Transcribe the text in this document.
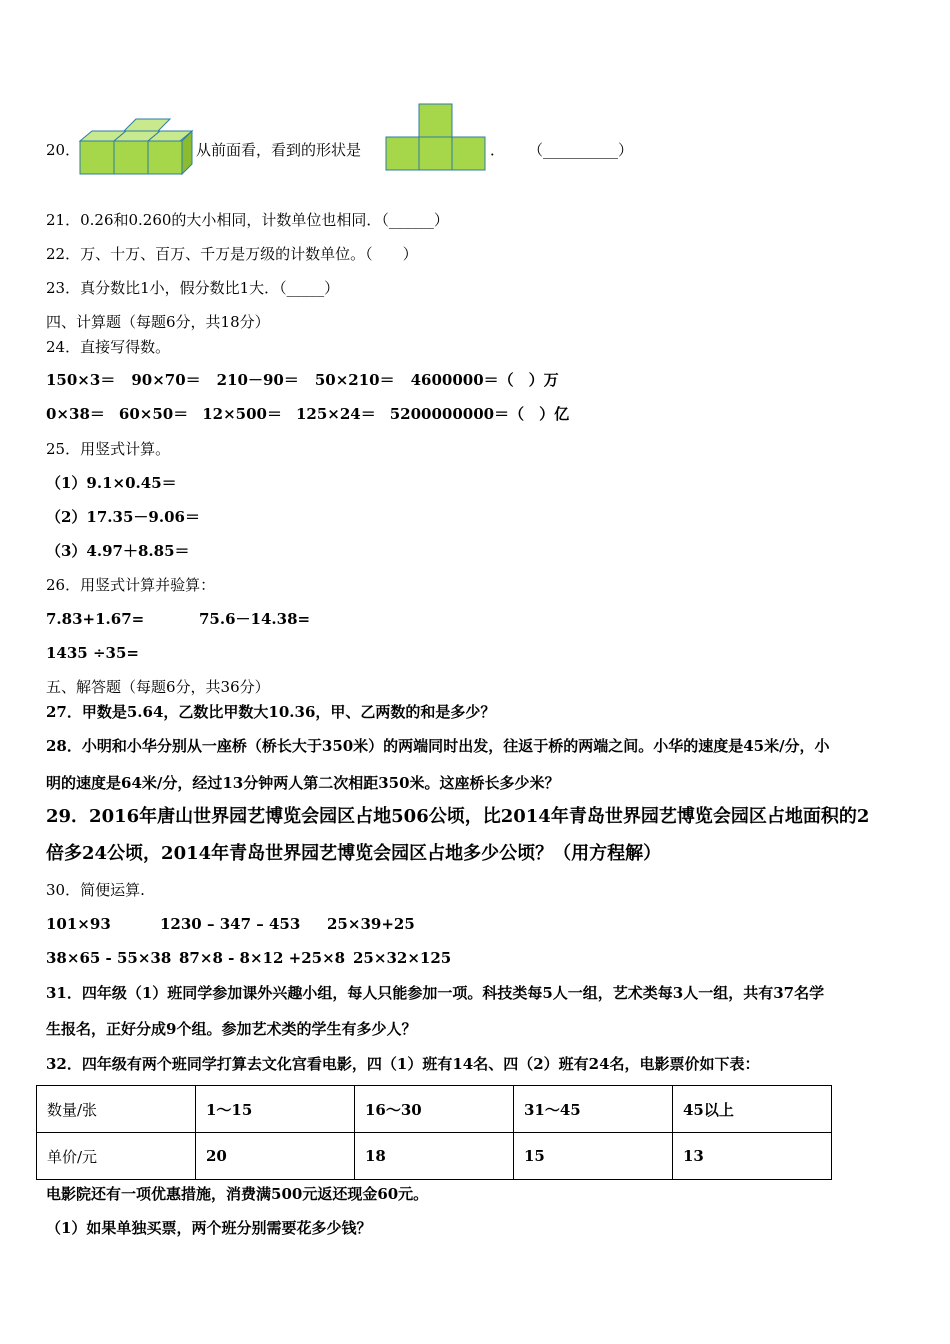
20．	从前面看，看到的形状是	． （__________）
21．0.26和0.260的大小相同，计数单位也相同．（______）
22．万、十万、百万、千万是万级的计数单位。（　　）
23．真分数比1小，假分数比1大．（_____）
四、计算题（每题6分，共18分）
24．直接写得数。
150×3＝ 90×70＝ 210－90＝ 50×210＝ 4600000＝（　）万
0×38＝ 60×50＝ 12×500＝ 125×24＝ 5200000000＝（　）亿
25．用竖式计算。
（1）9.1×0.45＝
（2）17.35－9.06＝
（3）4.97＋8.85＝
26．用竖式计算并验算：
7.83+1.67=	75.6－14.38=
1435 ÷35=
五、解答题（每题6分，共36分）
27．甲数是5.64，乙数比甲数大10.36，甲、乙两数的和是多少？
28．小明和小华分别从一座桥（桥长大于350米）的两端同时出发，往返于桥的两端之间。小华的速度是45米/分，小
明的速度是64米/分，经过13分钟两人第二次相距350米。这座桥长多少米？
29．2016年唐山世界园艺博览会园区占地506公顷，比2014年青岛世界园艺博览会园区占地面积的2
倍多24公顷，2014年青岛世界园艺博览会园区占地多少公顷？（用方程解）
30．简便运算.
101×93	1230 – 347 – 453 25×39+25
38×65 - 55×38 87×8 - 8×12 +25×8 25×32×125
31．四年级（1）班同学参加课外兴趣小组，每人只能参加一项。科技类每5人一组，艺术类每3人一组，共有37名学
生报名，正好分成9个组。参加艺术类的学生有多少人？
32．四年级有两个班同学打算去文化宫看电影，四（1）班有14名、四（2）班有24名，电影票价如下表：
数量/张	1～15	16～30	31～45	45以上
单价/元	20	18	15	13
电影院还有一项优惠措施，消费满500元返还现金60元。
（1）如果单独买票，两个班分别需要花多少钱？
